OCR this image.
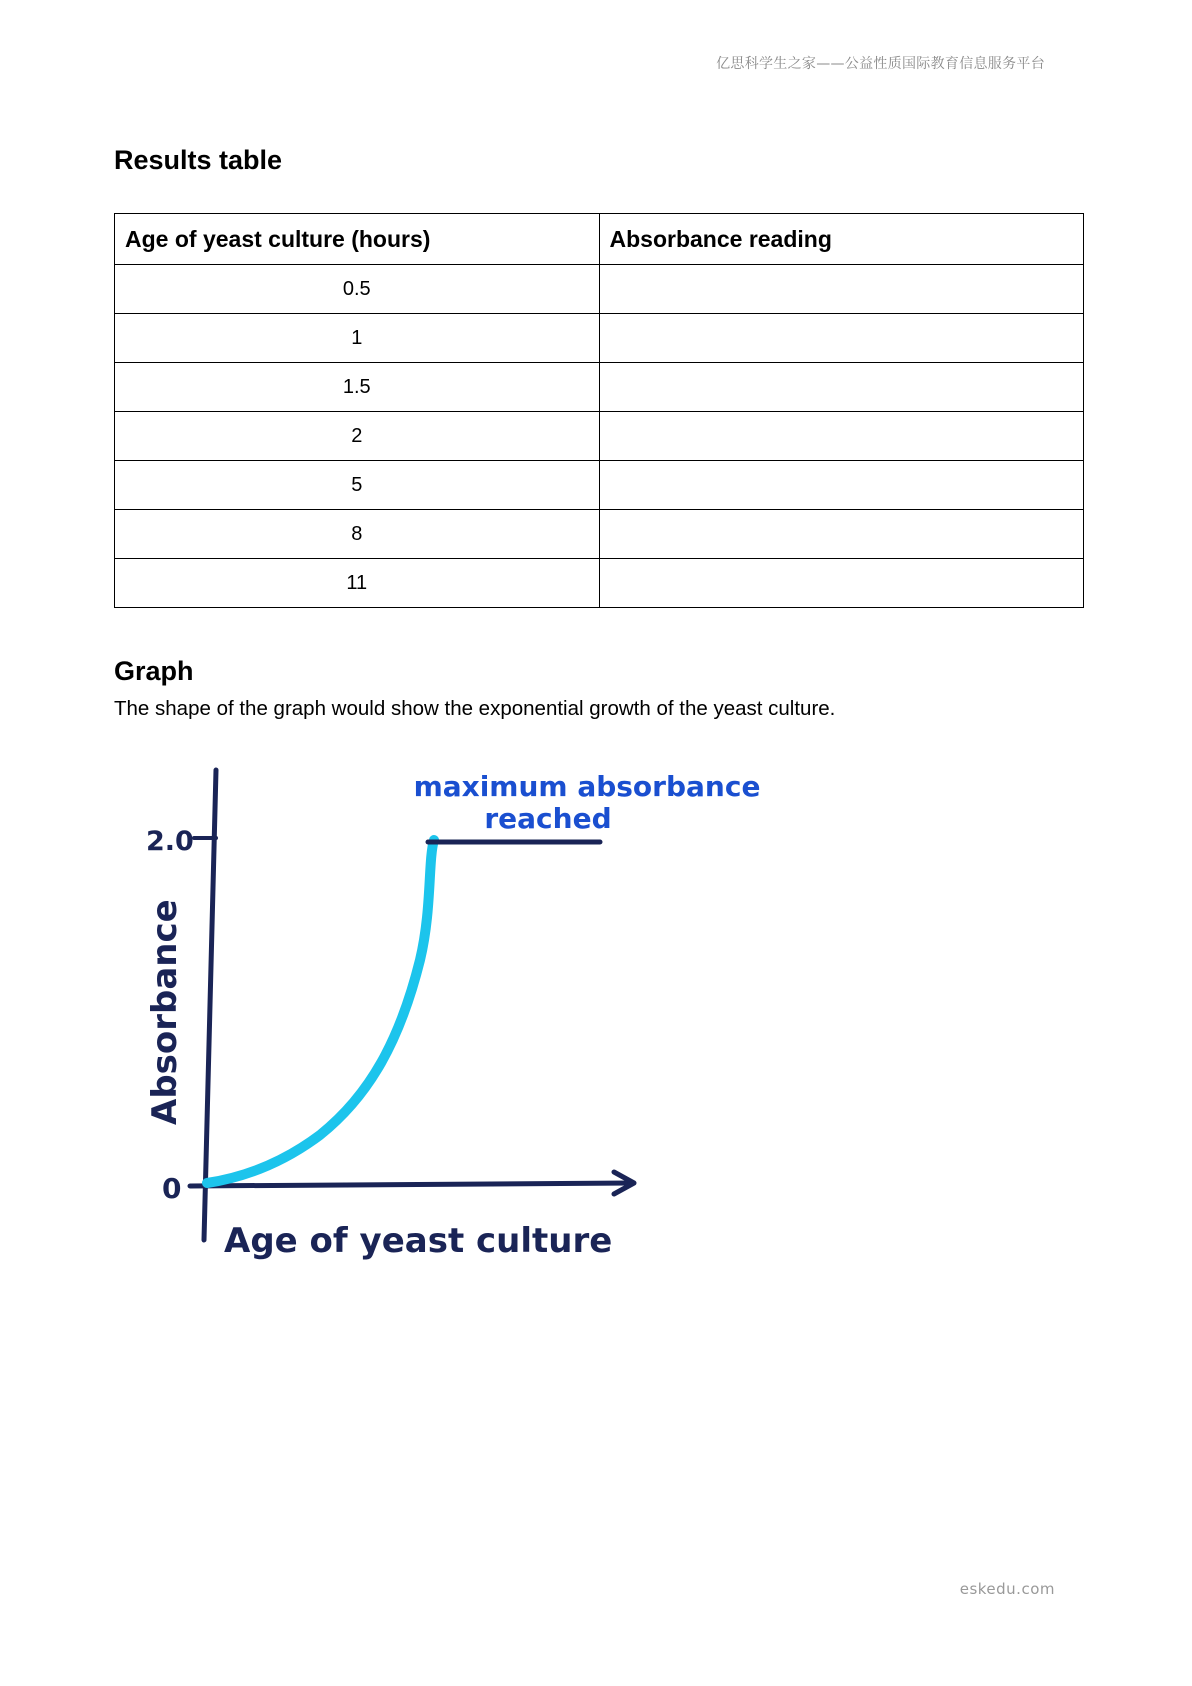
亿思科学生之家——公益性质国际教育信息服务平台
Results table
Age of yeast culture (hours)	Absorbance reading
0.5	
1	
1.5	
2	
5	
8	
11	
Graph

The shape of the graph would show the exponential growth of the yeast culture.

2.0
0
Absorbance
Age of yeast culture
maximum absorbance
reached
eskedu.com
